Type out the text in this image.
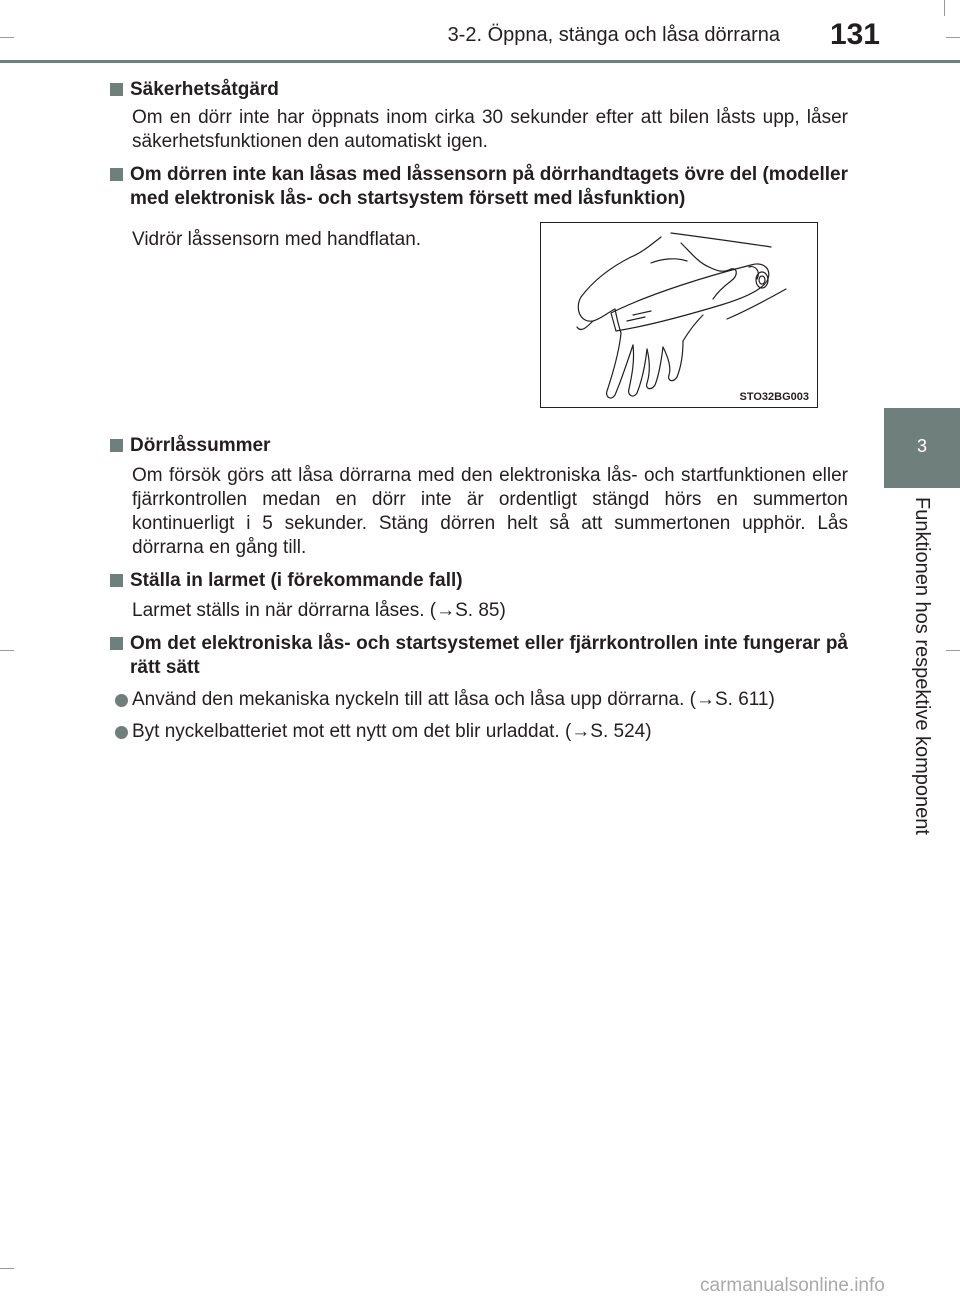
3-2. Öppna, stänga och låsa dörrarna	131
3
Funktionen hos respektive komponent

Säkerhetsåtgärd

Om en dörr inte har öppnats inom cirka 30 sekunder efter att bilen låsts upp, låser säkerhetsfunktionen den automatiskt igen.

Om dörren inte kan låsas med låssensorn på dörrhandtagets övre del (modeller med elektronisk lås- och startsystem försett med låsfunktion)

Vidrör låssensorn med handflatan.

Dörrlåssummer

Om försök görs att låsa dörrarna med den elektroniska lås- och startfunktionen eller fjärrkontrollen medan en dörr inte är ordentligt stängd hörs en summerton kontinuerligt i 5 sekunder. Stäng dörren helt så att summertonen upphör. Lås dörrarna en gång till.

Ställa in larmet (i förekommande fall)

Larmet ställs in när dörrarna låses. (→S. 85)

Om det elektroniska lås- och startsystemet eller fjärrkontrollen inte fungerar på rätt sätt

Använd den mekaniska nyckeln till att låsa och låsa upp dörrarna. (→S. 611)

Byt nyckelbatteriet mot ett nytt om det blir urladdat. (→S. 524)

STO32BG003
carmanualsonline.info
